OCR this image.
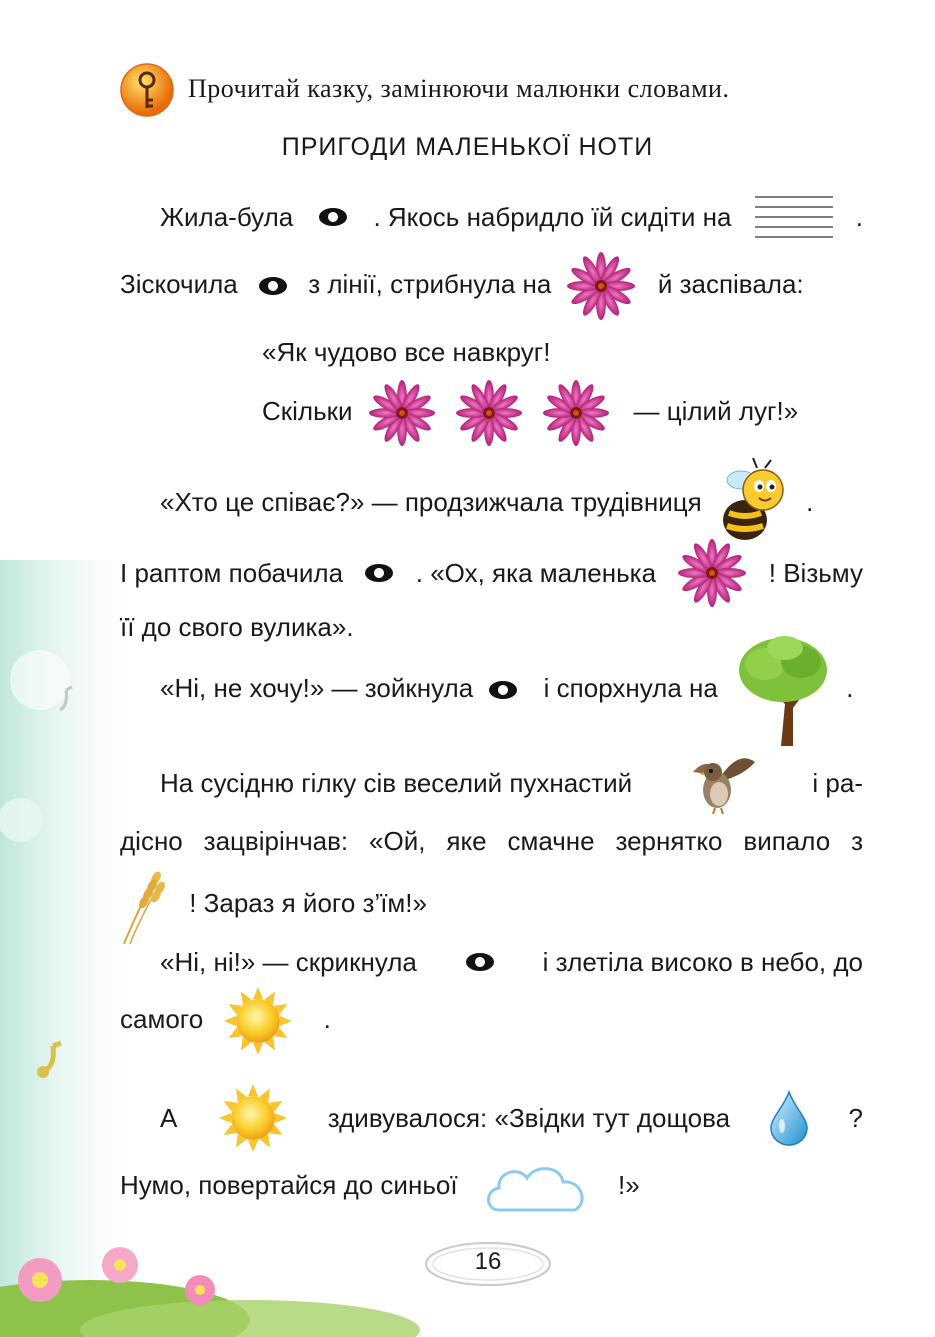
Прочитай казку, замінюючи малюнки словами.
ПРИГОДИ МАЛЕНЬКОЇ НОТИ
Жила-була	. Якось набридло їй сидіти на	.
Зіскочила	з лінії, стрибнула на	й заспівала:
«Як чудово все навкруг!
Скільки	— цілий луг!»
«Хто це співає?» — продзижчала трудівниця	.
І раптом побачила	. «Ох, яка маленька	! Візьму
її до свого вулика».
«Ні, не хочу!» — зойкнула	і спорхнула на	.
На сусідню гілку сів веселий пухнастий	і ра-
дісно зацвірінчав: «Ой, яке смачне зернятко випало з
! Зараз я його з’їм!»
«Ні, ні!» — скрикнула	і злетіла високо в небо, до
самого	.
А	здивувалося: «Звідки тут дощова	?
Нумо, повертайся до синьої	!»
16
